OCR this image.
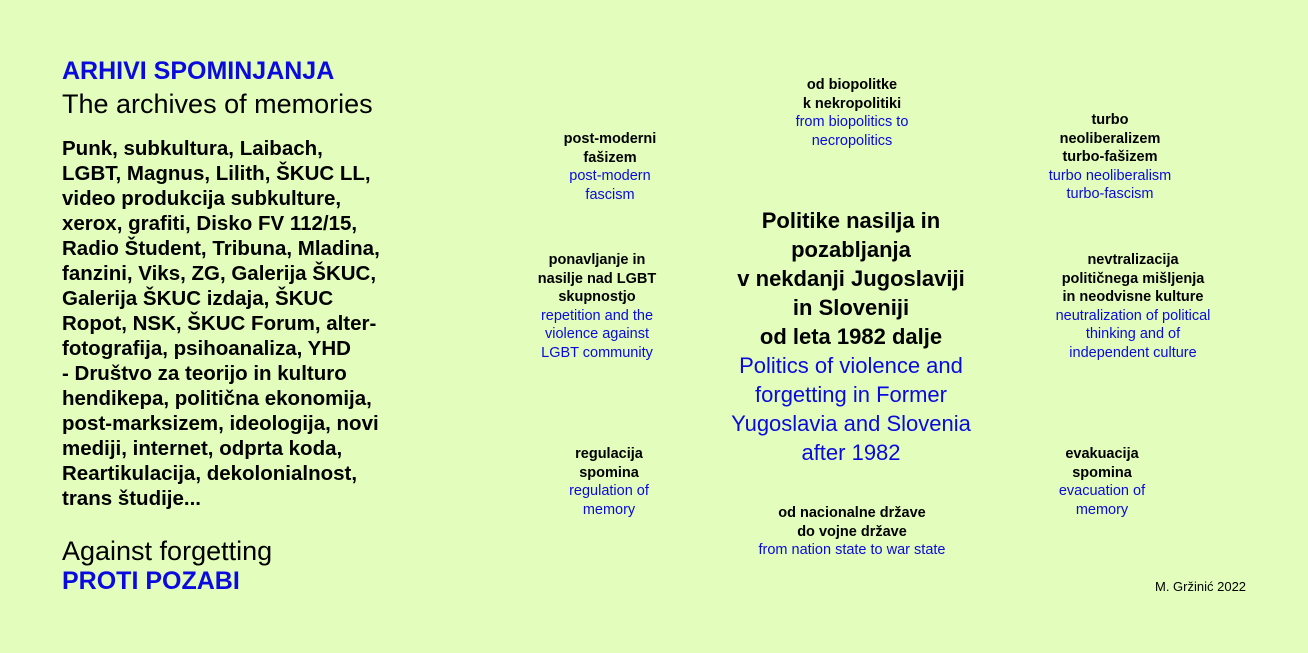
ARHIVI SPOMINJANJA
The archives of memories
Punk, subkultura, Laibach,
LGBT, Magnus, Lilith, ŠKUC LL,
video produkcija subkulture,
xerox, grafiti, Disko FV 112/15,
Radio Študent, Tribuna, Mladina,
fanzini, Viks, ZG, Galerija ŠKUC,
Galerija ŠKUC izdaja, ŠKUC
Ropot, NSK, ŠKUC Forum, alter-
fotografija, psihoanaliza, YHD
- Društvo za teorijo in kulturo
hendikepa, politična ekonomija,
post-marksizem, ideologija, novi
mediji, internet, odprta koda,
Reartikulacija, dekolonialnost,
trans študije...
Against forgetting
PROTI POZABI
Politike nasilja in
pozabljanja
v nekdanji Jugoslaviji
in Sloveniji
od leta 1982 dalje
Politics of violence and
forgetting in Former
Yugoslavia and Slovenia
after 1982
od biopolitke
k nekropolitiki
from biopolitics to
necropolitics
post-moderni
fašizem
post-modern
fascism
turbo
neoliberalizem
turbo-fašizem
turbo neoliberalism
turbo-fascism
ponavljanje in
nasilje nad LGBT
skupnostjo
repetition and the
violence against
LGBT community
nevtralizacija
političnega mišljenja
in neodvisne kulture
neutralization of political
thinking and of
independent culture
regulacija
spomina
regulation of
memory
evakuacija
spomina
evacuation of
memory
od nacionalne države
do vojne države
from nation state to war state
M. Gržinić 2022
